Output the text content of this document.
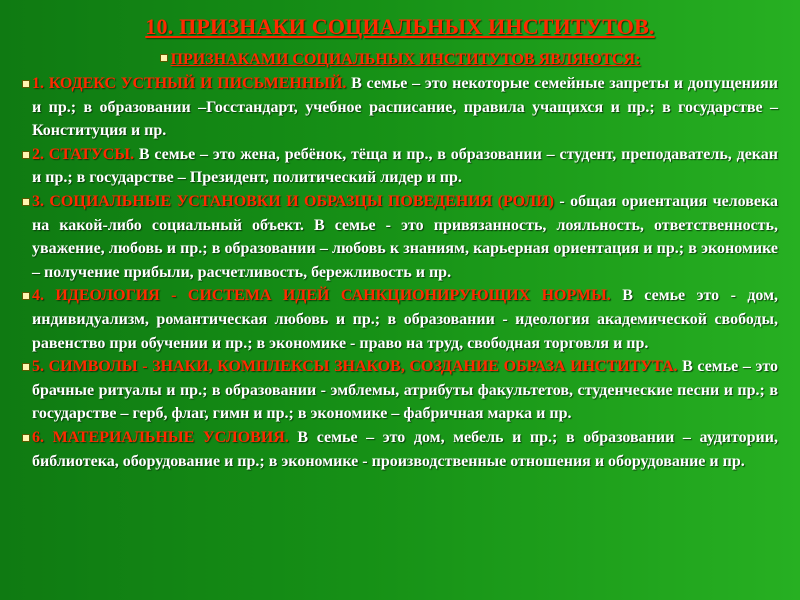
10. ПРИЗНАКИ СОЦИАЛЬНЫХ ИНСТИТУТОВ.
ПРИЗНАКАМИ СОЦИАЛЬНЫХ ИНСТИТУТОВ ЯВЛЯЮТСЯ:
1. КОДЕКС УСТНЫЙ И ПИСЬМЕННЫЙ. В семье – это некоторые семейные запреты и допущенияи и пр.; в образовании –Госстандарт, учебное расписание, правила учащихся и пр.; в государстве – Конституция и пр.
2. СТАТУСЫ. В семье – это жена, ребёнок, тёща и пр., в образовании – студент, преподаватель, декан и пр.; в государстве – Президент, политический лидер и пр.
3. СОЦИАЛЬНЫЕ УСТАНОВКИ И ОБРАЗЦЫ ПОВЕДЕНИЯ (РОЛИ) - общая ориентация человека на какой-либо социальный объект. В семье - это привязанность, лояльность, ответственность, уважение, любовь и пр.; в образовании – любовь к знаниям, карьерная ориентация и пр.; в экономике – получение прибыли, расчетливость, бережливость и пр.
4. ИДЕОЛОГИЯ - СИСТЕМА ИДЕЙ САНКЦИОНИРУЮЩИХ НОРМЫ. В семье это - дом, индивидуализм, романтическая любовь и пр.; в образовании - идеология академической свободы, равенство при обучении и пр.; в экономике - право на труд, свободная торговля и пр.
5. СИМВОЛЫ - ЗНАКИ, КОМПЛЕКСЫ ЗНАКОВ, СОЗДАНИЕ ОБРАЗА ИНСТИТУТА. В семье – это брачные ритуалы и пр.; в образовании - эмблемы, атрибуты факультетов, студенческие песни и пр.; в государстве – герб, флаг, гимн и пр.; в экономике – фабричная марка и пр.
6. МАТЕРИАЛЬНЫЕ УСЛОВИЯ. В семье – это дом, мебель и пр.; в образовании – аудитории, библиотека, оборудование и пр.; в экономике - производственные отношения и оборудование и пр.
